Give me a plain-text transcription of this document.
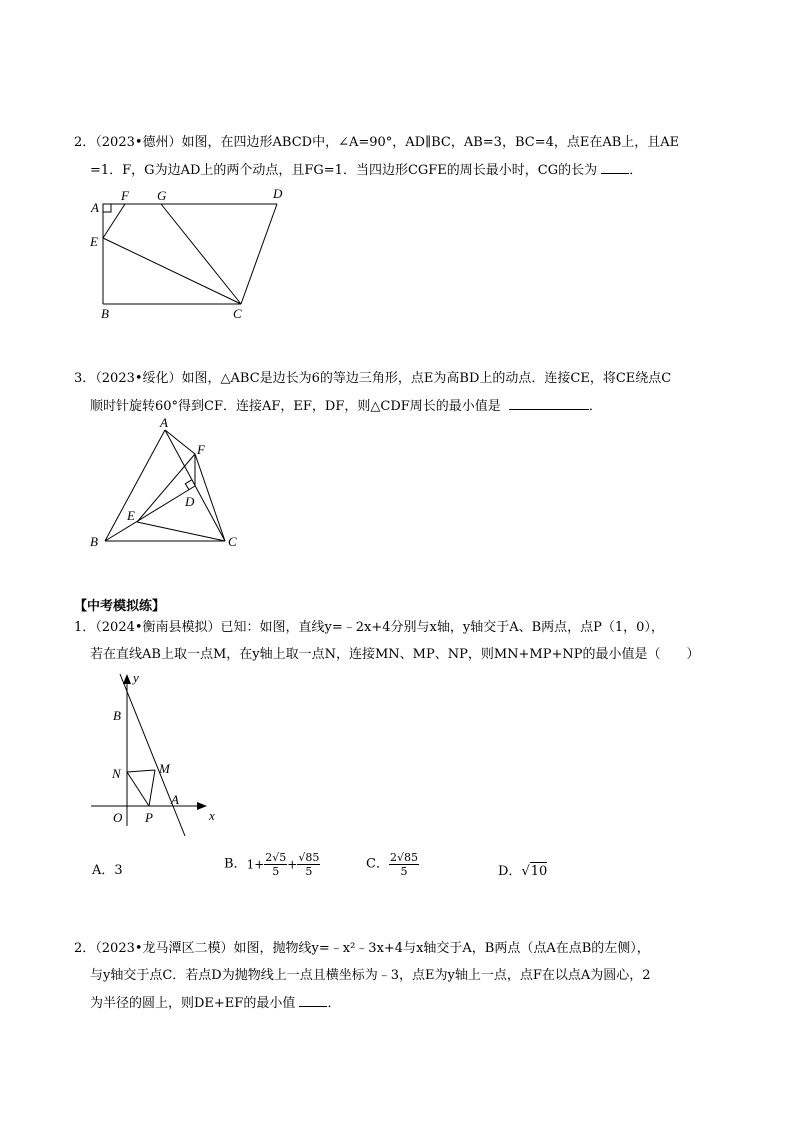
2．（2023•德州）如图，在四边形ABCD中，∠A=90°，AD∥BC，AB=3，BC=4，点E在AB上，且AE
=1．F，G为边AD上的两个动点，且FG=1．当四边形CGFE的周长最小时，CG的长为 ．
A
F G	D
E
B	C
3．（2023•绥化）如图，△ABC是边长为6的等边三角形，点E为高BD上的动点．连接CE，将CE绕点C
顺时针旋转60°得到CF．连接AF，EF，DF，则△CDF周长的最小值是	．
A
F
D
E
B	C
【中考模拟练】
1．（2024•衡南县模拟）已知：如图，直线y=﹣2x+4分别与x轴，y轴交于A、B两点，点P（1，0），
若在直线AB上取一点M，在y轴上取一点N，连接MN、MP、NP，则MN+MP+NP的最小值是（　　）
y
x
B
N	M
O P
A
A．3	B．$1+ \frac{2√5}{5} + \frac{√85}{5}$	C． $\frac{2√85}{5}$	D．√10
2．（2023•龙马潭区二模）如图，抛物线y=﹣x²﹣3x+4与x轴交于A，B两点（点A在点B的左侧），
与y轴交于点C．若点D为抛物线上一点且横坐标为﹣3，点E为y轴上一点，点F在以点A为圆心，2
为半径的圆上，则DE+EF的最小值 ．
